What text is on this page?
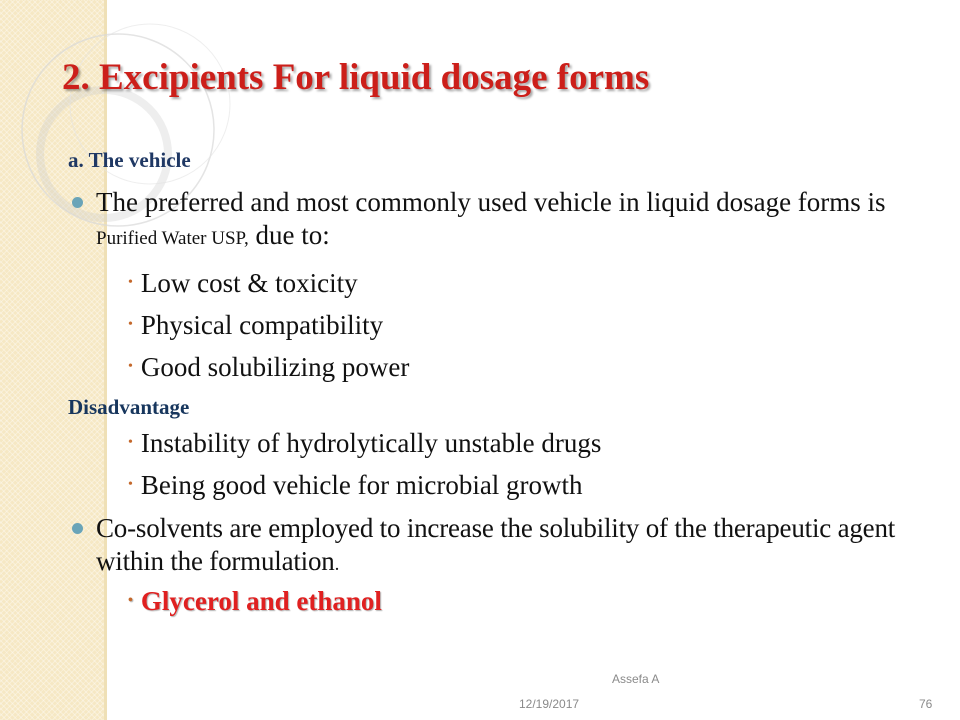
2. Excipients For liquid dosage forms
a. The vehicle
The preferred and most commonly used vehicle in liquid dosage forms is Purified Water USP, due to:
• Low cost & toxicity
• Physical compatibility
• Good solubilizing power
Disadvantage
• Instability of hydrolytically unstable drugs
• Being good vehicle for microbial growth
Co-solvents are employed to increase the solubility of the therapeutic agent within the formulation.
• Glycerol and ethanol
Assefa A
12/19/2017	76
